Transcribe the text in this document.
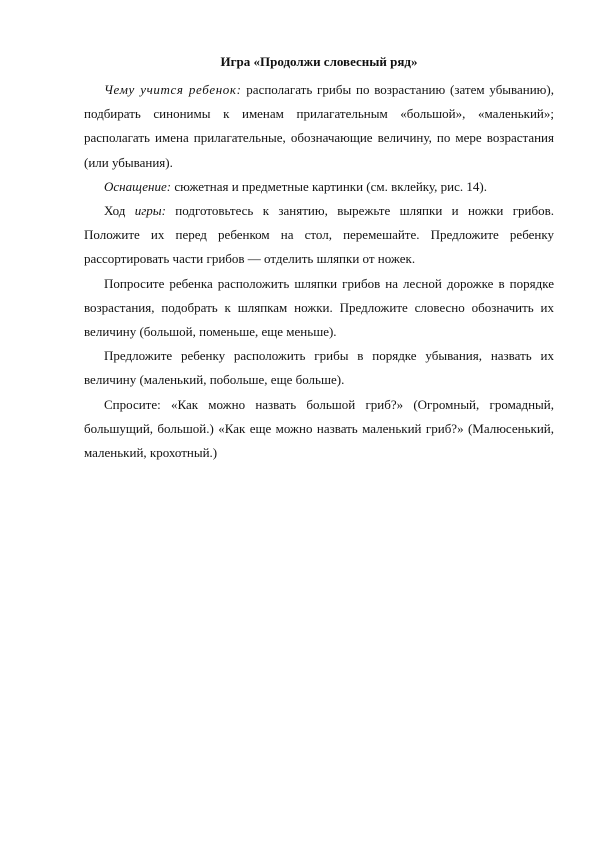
Игра «Продолжи словесный ряд»

Чему учится ребенок: располагать грибы по возрастанию (затем убыванию), подбирать синонимы к именам прилагательным «большой», «маленький»; располагать имена прилагательные, обозначающие величину, по мере возрастания (или убывания).

Оснащение: сюжетная и предметные картинки (см. вклейку, рис. 14).

Ход игры: подготовьтесь к занятию, вырежьте шляпки и ножки грибов. Положите их перед ребенком на стол, перемешайте. Предложите ребенку рассортировать части грибов — отделить шляпки от ножек.

Попросите ребенка расположить шляпки грибов на лесной дорожке в порядке возрастания, подобрать к шляпкам ножки. Предложите словесно обозначить их величину (большой, поменьше, еще меньше).

Предложите ребенку расположить грибы в порядке убывания, назвать их величину (маленький, побольше, еще больше).

Спросите: «Как можно назвать большой гриб?» (Огромный, громадный, большущий, большой.) «Как еще можно назвать маленький гриб?» (Малюсенький, маленький, крохотный.)
